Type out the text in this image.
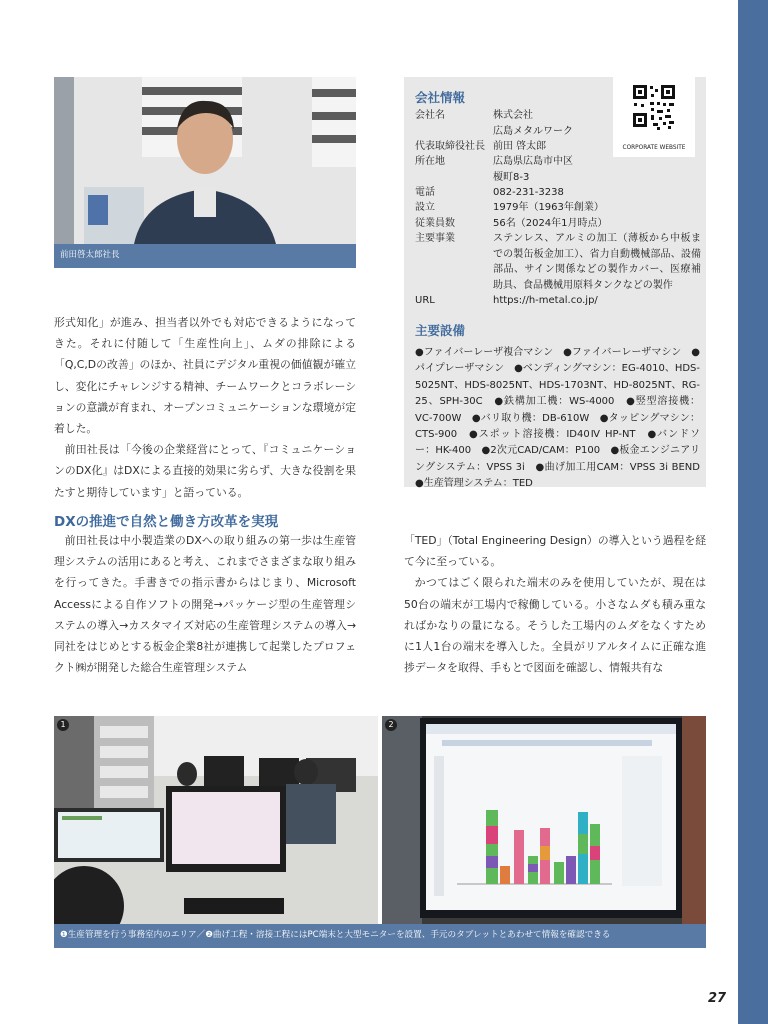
前田啓太郎社長
会社情報
CORPORATE WEBSITE
会社名	株式会社
広島メタルワーク
代表取締役社長 前田 啓太郎
所在地	広島県広島市中区
榎町8-3
電話	082-231-3238
設立	1979年（1963年創業）
従業員数	56名（2024年1月時点）
主要事業	ステンレス、アルミの加工（薄板から中板までの製缶板金加工）、省力自動機械部品、設備部品、サイン関係などの製作カバー、医療補助具、食品機械用原料タンクなどの製作
URL	https://h-metal.co.jp/
主要設備
●ファイバーレーザ複合マシン　●ファイバーレーザマシン　●パイプレーザマシン　●ベンディングマシン：EG-4010、HDS-5025NT、HDS-8025NT、HDS-1703NT、HD-8025NT、RG-25、SPH-30C　●鉄構加工機：WS-4000　●竪型溶接機：VC-700W　●バリ取り機：DB-610W　●タッピングマシン：CTS-900　●スポット溶接機：ID40Ⅳ HP-NT　●バンドソー：HK-400　●2次元CAD/CAM：P100　●板金エンジニアリングシステム：VPSS 3i　●曲げ加工用CAM：VPSS 3i BEND　●生産管理システム：TED

形式知化」が進み、担当者以外でも対応できるようになってきた。それに付随して「生産性向上」、ムダの排除による「Q,C,Dの改善」のほか、社員にデジタル重視の価値観が確立し、変化にチャレンジする精神、チームワークとコラボレーションの意識が育まれ、オープンコミュニケーションな環境が定着した。

前田社長は「今後の企業経営にとって、『コミュニケーションのDX化』はDXによる直接的効果に劣らず、大きな役割を果たすと期待しています」と語っている。

DXの推進で自然と働き方改革を実現

前田社長は中小製造業のDXへの取り組みの第一歩は生産管理システムの活用にあると考え、これまでさまざまな取り組みを行ってきた。手書きでの指示書からはじまり、Microsoft Accessによる自作ソフトの開発→パッケージ型の生産管理システムの導入→カスタマイズ対応の生産管理システムの導入→同社をはじめとする板金企業8社が連携して起業したプロフェクト㈱が開発した総合生産管理システム

「TED」（Total Engineering Design）の導入という過程を経て今に至っている。

かつてはごく限られた端末のみを使用していたが、現在は50台の端末が工場内で稼働している。小さなムダも積み重なればかなりの量になる。そうした工場内のムダをなくすために1人1台の端末を導入した。全員がリアルタイムに正確な進捗データを取得、手もとで図面を確認し、情報共有な

1	2
❶生産管理を行う事務室内のエリア／❷曲げ工程・溶接工程にはPC端末と大型モニターを設置、手元のタブレットとあわせて情報を確認できる
27
